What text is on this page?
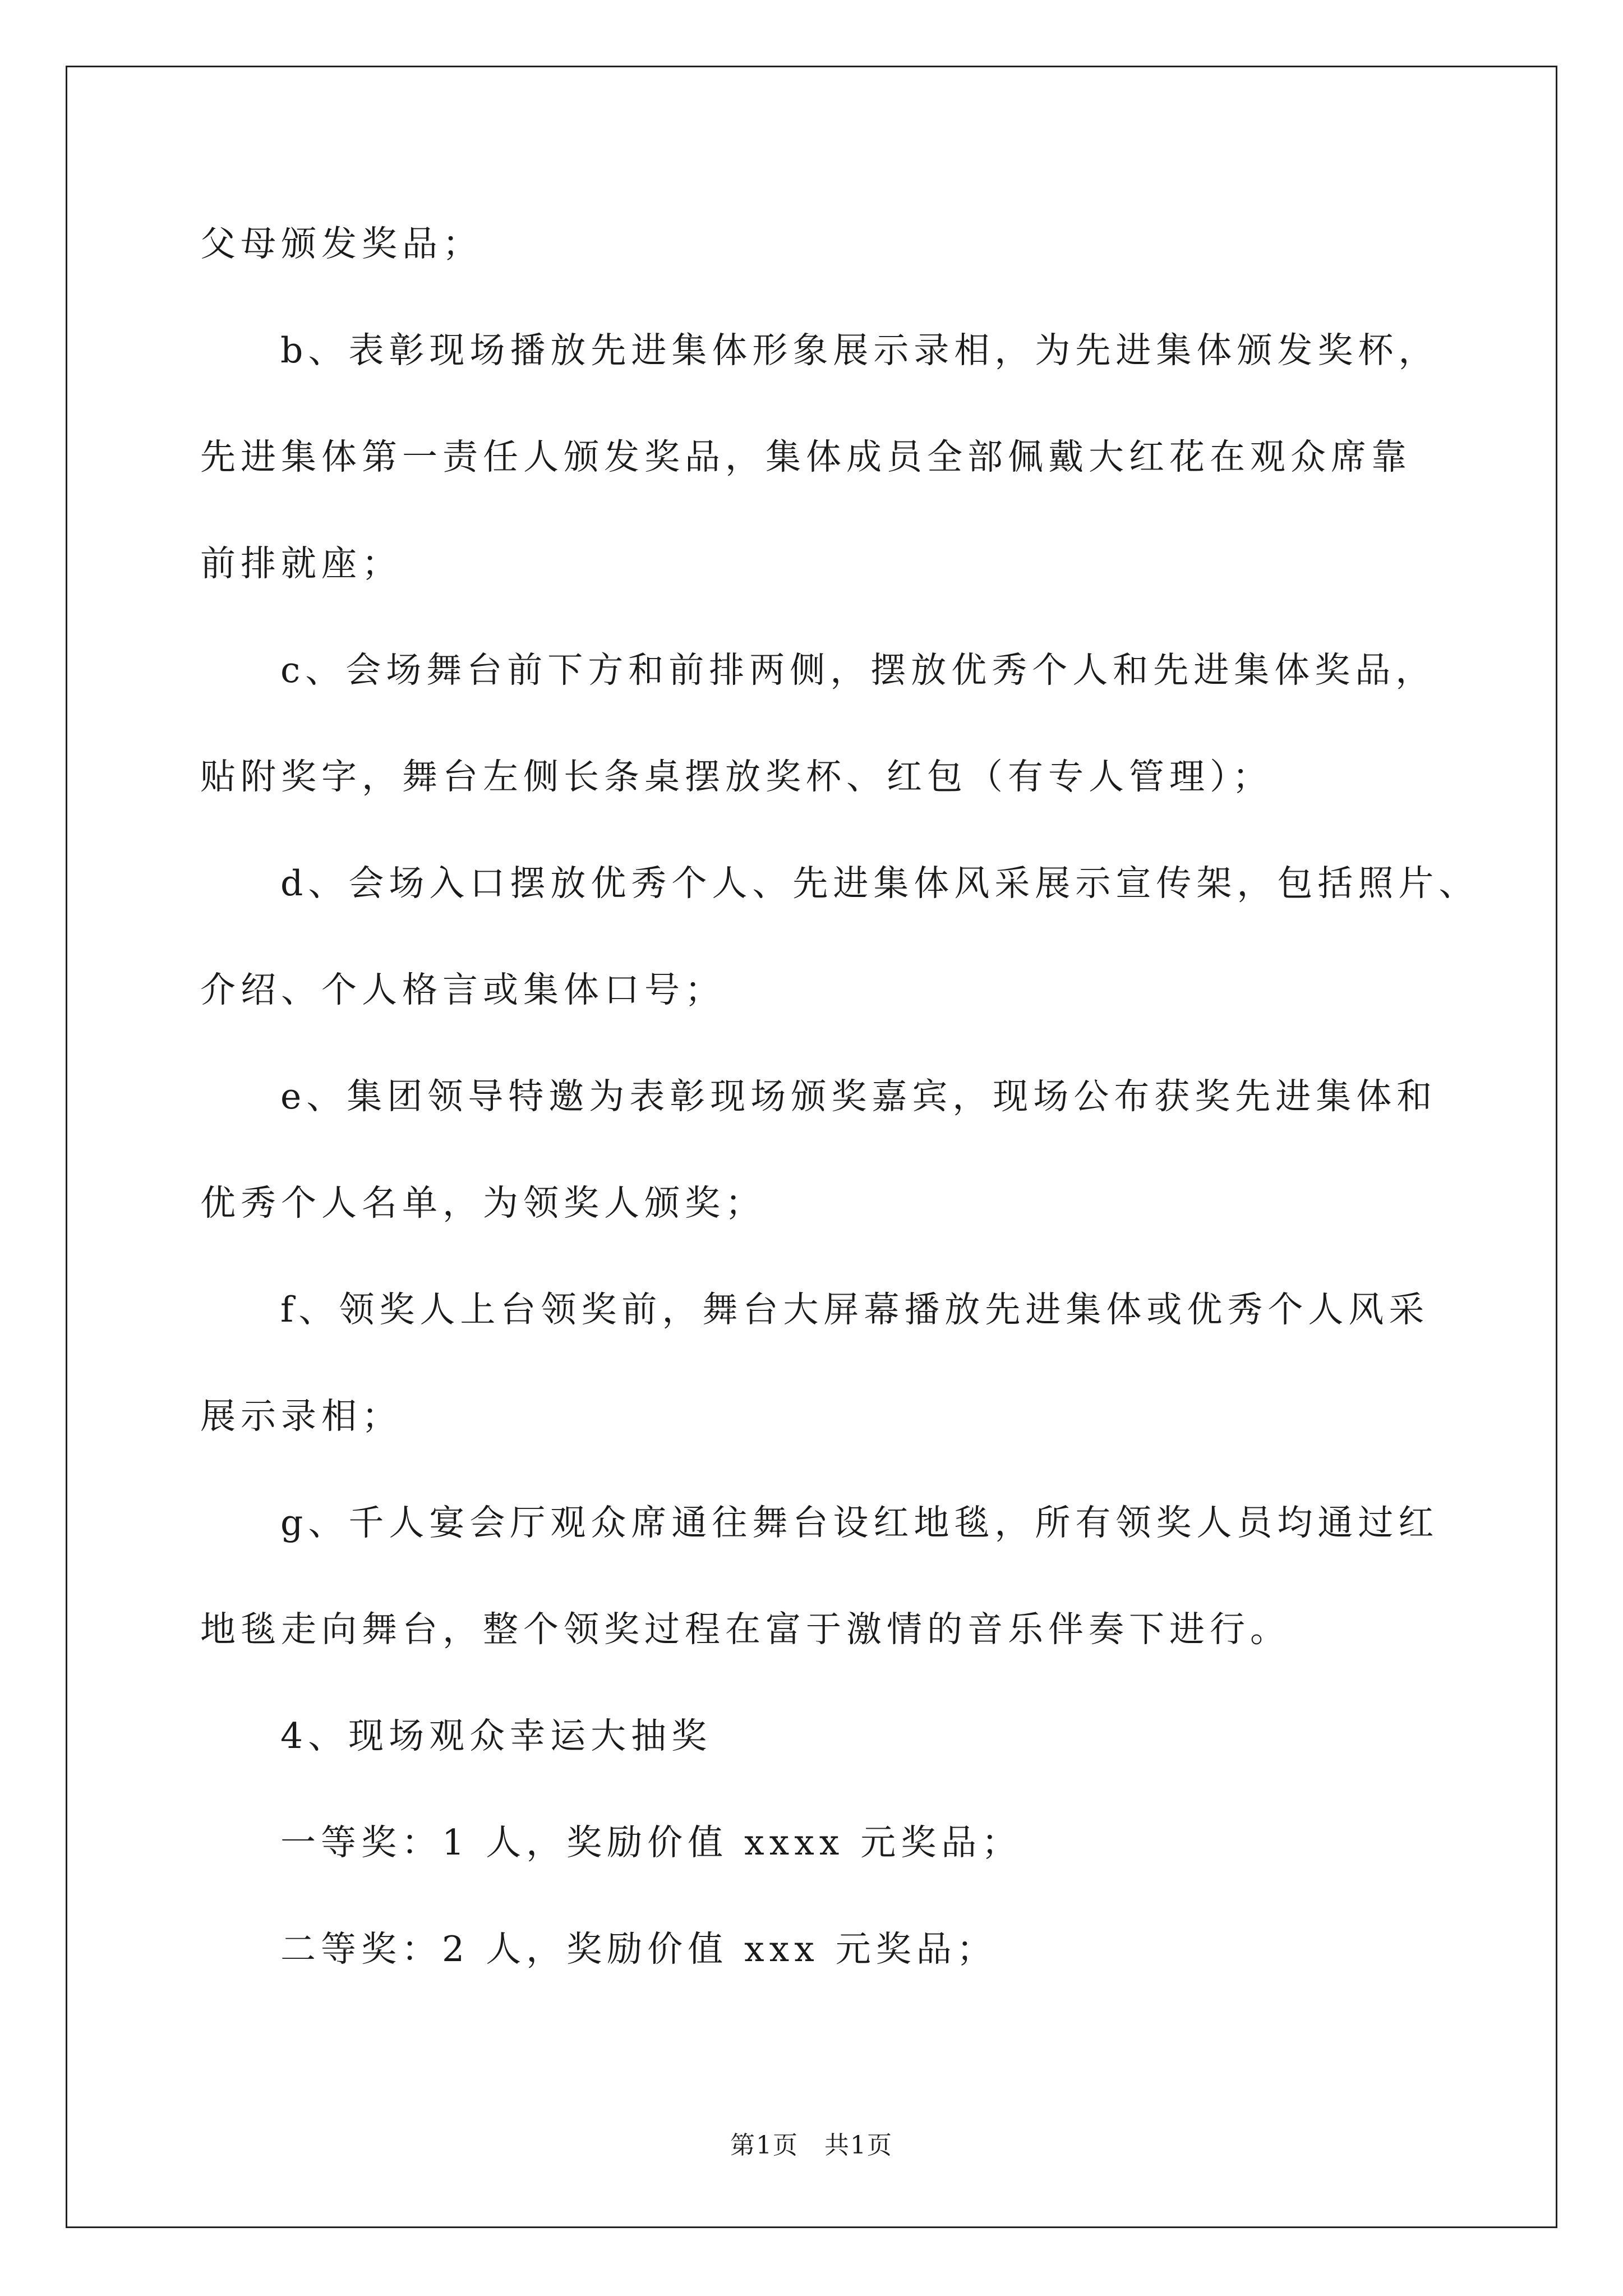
父母颁发奖品；
b、表彰现场播放先进集体形象展示录相，为先进集体颁发奖杯，
先进集体第一责任人颁发奖品，集体成员全部佩戴大红花在观众席靠
前排就座；
c、会场舞台前下方和前排两侧，摆放优秀个人和先进集体奖品，
贴附奖字，舞台左侧长条桌摆放奖杯、红包（有专人管理）；
d、会场入口摆放优秀个人、先进集体风采展示宣传架，包括照片、
介绍、个人格言或集体口号；
e、集团领导特邀为表彰现场颁奖嘉宾，现场公布获奖先进集体和
优秀个人名单，为领奖人颁奖；
f、领奖人上台领奖前，舞台大屏幕播放先进集体或优秀个人风采
展示录相；
g、千人宴会厅观众席通往舞台设红地毯，所有领奖人员均通过红
地毯走向舞台，整个领奖过程在富于激情的音乐伴奏下进行。
4、现场观众幸运大抽奖
一等奖：1 人，奖励价值 xxxx 元奖品；
二等奖：2 人，奖励价值 xxx 元奖品；
第1页　共1页
